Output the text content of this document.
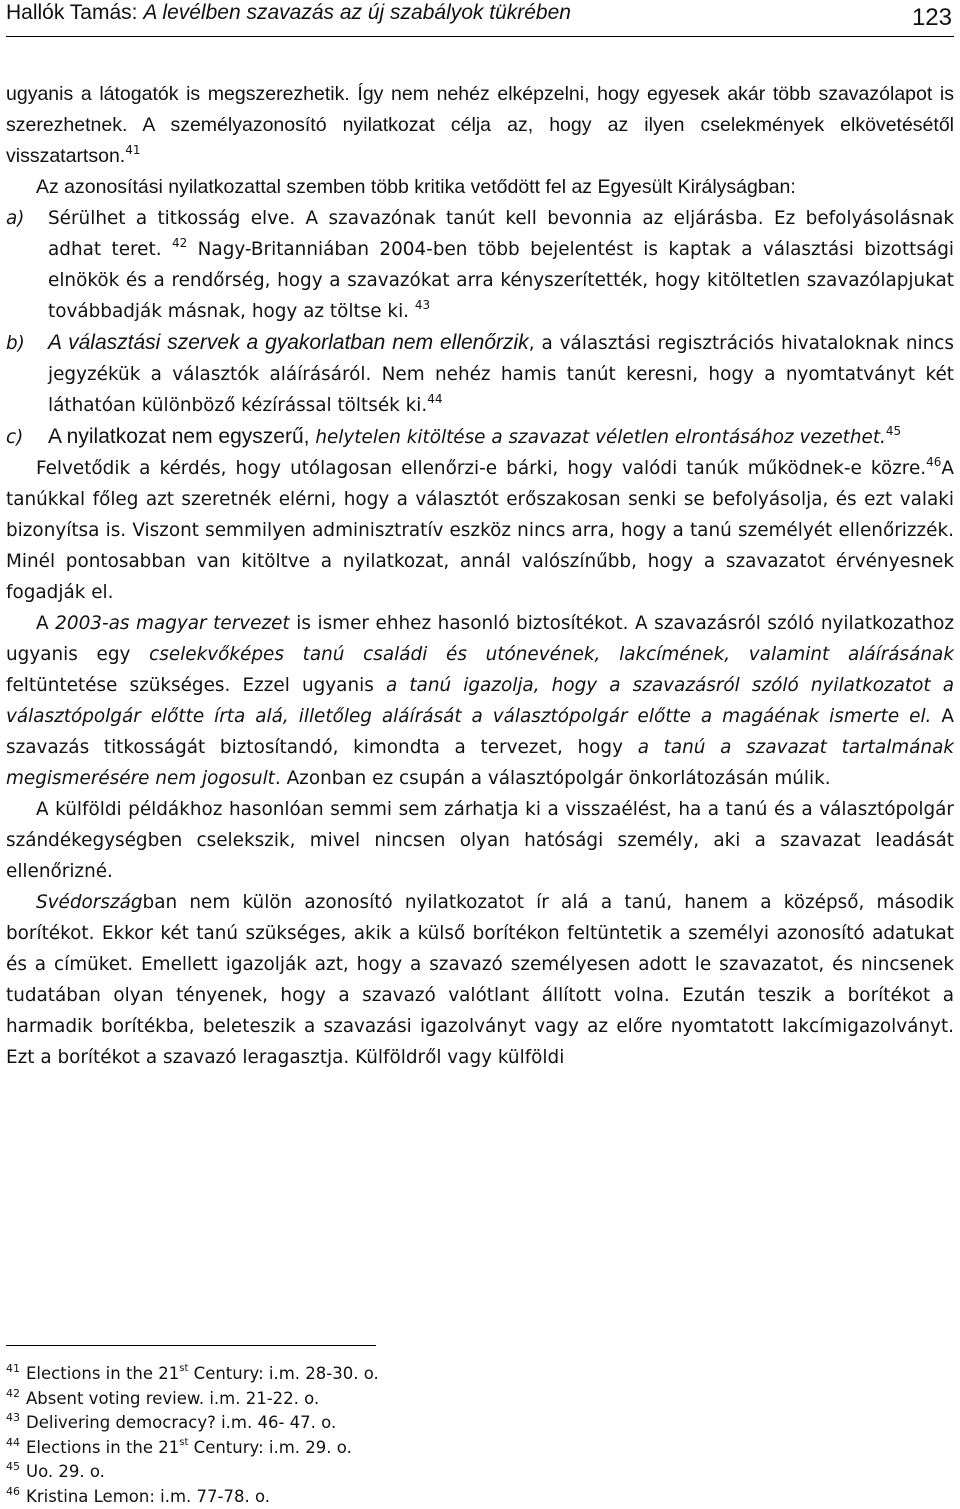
Hallók Tamás: A levélben szavazás az új szabályok tükrében	123

ugyanis a látogatók is megszerezhetik. Így nem nehéz elképzelni, hogy egyesek akár több szavazólapot is szerezhetnek. A személyazonosító nyilatkozat célja az, hogy az ilyen cselekmények elkövetésétől visszatartson.$^{41}$

Az azonosítási nyilatkozattal szemben több kritika vetődött fel az Egyesült Királyságban:

a) Sérülhet a titkosság elve. A szavazónak tanút kell bevonnia az eljárásba. Ez befolyásolásnak adhat teret. $^{42}$ Nagy-Britanniában 2004-ben több bejelentést is kaptak a választási bizottsági elnökök és a rendőrség, hogy a szavazókat arra kényszerítették, hogy kitöltetlen szavazólapjukat továbbadják másnak, hogy az töltse ki. $^{43}$

b) A választási szervek a gyakorlatban nem ellenőrzik, a választási regisztrációs hivataloknak nincs jegyzékük a választók aláírásáról. Nem nehéz hamis tanút keresni, hogy a nyomtatványt két láthatóan különböző kézírással töltsék ki.$^{44}$

c) A nyilatkozat nem egyszerű, helytelen kitöltése a szavazat véletlen elrontásához vezethet.$^{45}$

Felvetődik a kérdés, hogy utólagosan ellenőrzi-e bárki, hogy valódi tanúk működnek-e közre.$^{46}$A tanúkkal főleg azt szeretnék elérni, hogy a választót erőszakosan senki se befolyásolja, és ezt valaki bizonyítsa is. Viszont semmilyen adminisztratív eszköz nincs arra, hogy a tanú személyét ellenőrizzék. Minél pontosabban van kitöltve a nyilatkozat, annál valószínűbb, hogy a szavazatot érvényesnek fogadják el.

A 2003-as magyar tervezet is ismer ehhez hasonló biztosítékot. A szavazásról szóló nyilatkozathoz ugyanis egy cselekvőképes tanú családi és utónevének, lakcímének, valamint aláírásának feltüntetése szükséges. Ezzel ugyanis a tanú igazolja, hogy a szavazásról szóló nyilatkozatot a választópolgár előtte írta alá, illetőleg aláírását a választópolgár előtte a magáénak ismerte el. A szavazás titkosságát biztosítandó, kimondta a tervezet, hogy a tanú a szavazat tartalmának megismerésére nem jogosult. Azonban ez csupán a választópolgár önkorlátozásán múlik.

A külföldi példákhoz hasonlóan semmi sem zárhatja ki a visszaélést, ha a tanú és a választópolgár szándékegységben cselekszik, mivel nincsen olyan hatósági személy, aki a szavazat leadását ellenőrizné.

Svédországban nem külön azonosító nyilatkozatot ír alá a tanú, hanem a középső, második borítékot. Ekkor két tanú szükséges, akik a külső borítékon feltüntetik a személyi azonosító adatukat és a címüket. Emellett igazolják azt, hogy a szavazó személyesen adott le szavazatot, és nincsenek tudatában olyan tényenek, hogy a szavazó valótlant állított volna. Ezután teszik a borítékot a harmadik borítékba, beleteszik a szavazási igazolványt vagy az előre nyomtatott lakcímigazolványt. Ezt a borítékot a szavazó leragasztja. Külföldről vagy külföldi

$^{41}$ Elections in the 21st Century: i.m. 28-30. o.
$^{42}$ Absent voting review. i.m. 21-22. o.
$^{43}$ Delivering democracy? i.m. 46- 47. o.
$^{44}$ Elections in the 21st Century: i.m. 29. o.
$^{45}$ Uo. 29. o.
$^{46}$ Kristina Lemon: i.m. 77-78. o.
